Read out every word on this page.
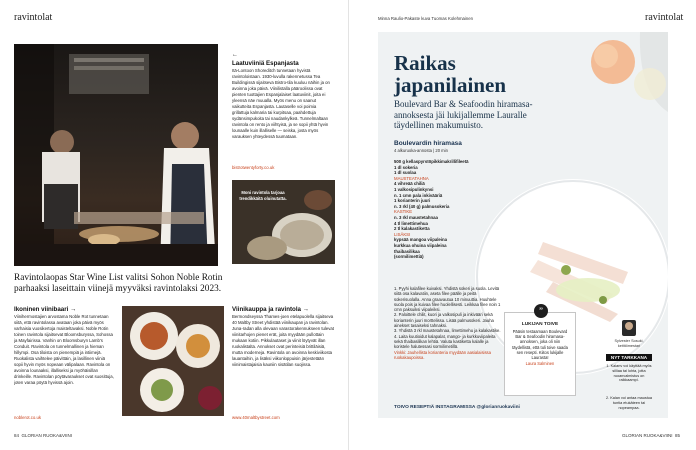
ravintolat
Ravintolaopas Star Wine List valitsi Sohon Noble Rotin parhaaksi laseittain viinejä myyväksi ravintolaksi 2023.
←
Laatuviiniä Espanjasta
Itä-Lontoon Shoreditch tunnetaan hyvistä ravintoloistaan. 1930-luvulla rakennetussa Tea Buildingissä sijaitseva Bistro-tila kuuluu näihin ja on avoinna joka päivä. Viinilistalla pääroolissa ovat pienten tuottajien Espanjalaiset laatuviinit, joita ei yleensä näe muualla. Myös menu on saanut vaikutteita Espanjasta. Lautaselle voi poimia grillattuja kalmaria tai kurpitsaa, paahdettuja sydänsimpukoita tai naudankylkeä. Tunnelmaltaan ravintola on rento ja viihtyisä, ja se sopii yhtä hyvin lounaalle kuin illalliselle — seiska, josta myös varauksen yhteydessä tuumataan.
bistrotwentyforty.co.uk
Moni ravintola tarjoaa trendikkäitä oluinutatta.
Ikoninen viinibaari →
Viinihermostajien arvostama Noble Rot tunnetaan siitä, että ravintolassa avataan joka päivä myös varhaisia vuosikertoja maisteltavaksi. Noble Rotin toinen ravintola sijaitsevat Bloomsburyssa, Sohossa ja Mayfairissa. Vanhin on Bloomsburyn Lamb's Conduit. Ravintola on tunnelmallinen ja hieman hillympi. Osa tiloista on pienempiä ja intiimejä. Ruokalista vaihtelee päivittäin, ja lasillinen viiniä sopii hyvin myös nopeaan välipalaan. Ravintola on avoinna lounaaksi, illalliseksi ja myöhäisillan drinkeille. Ravintolan pöytävaraukset ovat suosittuja, joten varaa pöytä hyvissä ajoin.
noblerot.co.uk
Viinikauppa ja ravintola →
Bermondseyssa Thames-joen etelapuolella sijaitseva 40 Maltby Street yhdistää viinikaupan ja ravintolan. Juna-radan alla olevaan varastorakennukseen tulevat viinitarhojen pienet erät, joita myydään pullottain mukaan kotiin. Pikkulautaset ja viinit löytyvät illan ruokalistalta. Annokset ovat perinteisiä brittiläisiä, mutta moderneja. Ravintola on avoinna keskiviikosta lauantaihin, ja lisäksi viikonloppuisin järjestetään viinimaistajaisia kauniin sisätilan suojissa.
www.40maltbystreet.com
84 GLORIAN RUOKA&VIINI
Minna Raulio-Pakaste kuva Tuomas Kolehmainen	ravintolat
Raikas
japanilainen
Boulevard Bar & Seafoodin hiramasa-annoksesta jäi lukijallemme Lauralle täydellinen makumuisto.
Boulevardin hiramasa
4 alkuruoka-annosta | 20 min
500 g kellaspyrstöpikkimakrillifileetä
1 dl sokeria
1 dl suolaa
MAUSTEATAHNA
4 vihreää chiliä
1 valkosipulinkynsi
n. 1 cmn pala inkivääriä
1 korianterin juuri
n. 3 rkl (40 g) palmusokeria
KASTIKE
n. 3 rkl maustetahnaa
4 tl limettimehua
2 tl kalakastiketta
LISÄKSI
kypsää mangoa viipaleina
kurkkua ohuina viipaleina
thaibasilikaa
(sormilimettiä)
1. Pyyhi kalafilee kuivaksi. Yhdistä sokeri ja suola. Levitä siitä osa kalavatiin, aseta filee päälle ja peitä sokerisuolalla. Anna graavautua 10 minuuttia. Huuhtele suola pois ja kuivaa filee huolellisesti. Leikkaa filee noin 1 cmn paksuiksi viipaleiksi.
2. Paloittele chilit, kuori ja valkosipuli ja inkivääri sekä korianterin juuri morttelissa. Lisää palmusokeri. Jauha ainekset tasaiseksi tahnaksi.
3. Yhdistä 3 rkl maustetahnaa, limettimehu ja kalakastike.
4. Laita kuutioidut kalapalat, mango- ja kurkkuviipaleita sekä thaibasilikan lehtiä. Valuta kastiketta kalalle ja koristele halutessasi sormilimetillä.
Vinkki: Jauhellista korianteria myydään aasialaisissa ruokakaupoissa.
”
LUKIJAN TOIVE
Pääsin testaamaan Boulevard Bar & Seafoodin hiramasa-annoksen, joka oli niin täydellistä, että tuli toive saada sen resepti. Kiitos lukijalle Laurasta!
Laura Salminen
TOIVO RESEPTIÄ INSTAGRAMISSA @glorianruokaviini
Sylvester Sosuki, keittiömestari
NYT TARKKANA
1. Kalanv voi käyttää myös silliaa tai lohta, jotta ruoanvalmistus on raikkaampi.
2. Kalan voi antaa maustua tuntia etukäteen tai nopeampaa.
GLORIAN RUOKA&VIINI 85
